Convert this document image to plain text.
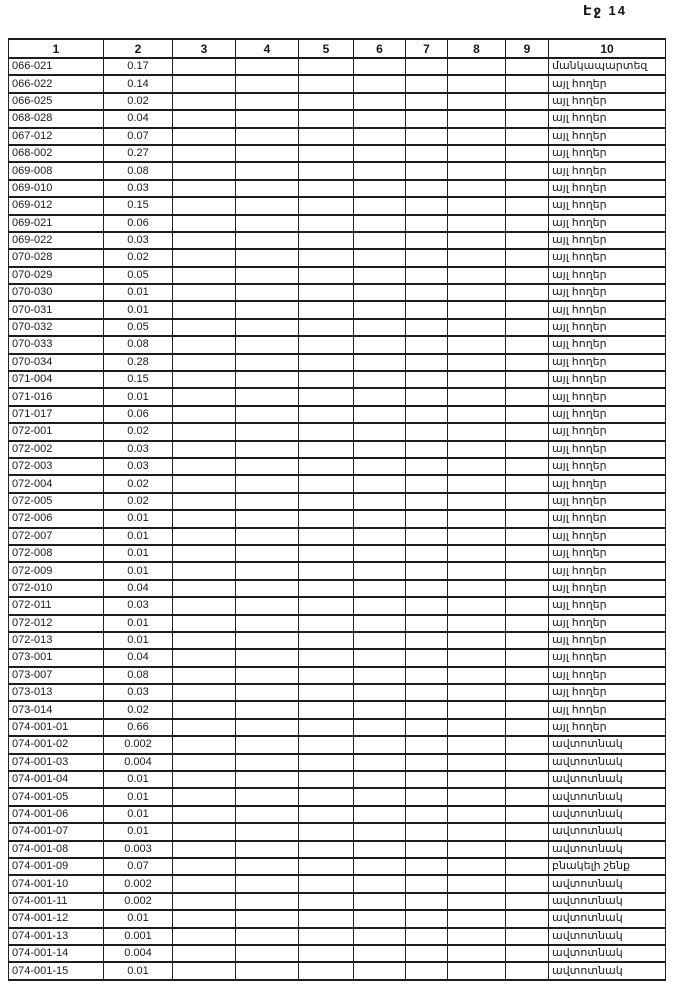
Էջ 14
1	2	3	4	5	6	7	8	9	10
066-021	0.17								մանկապարտեզ
066-022	0.14								այլ հողեր
066-025	0.02								այլ հողեր
068-028	0.04								այլ հողեր
067-012	0.07								այլ հողեր
068-002	0.27								այլ հողեր
069-008	0.08								այլ հողեր
069-010	0.03								այլ հողեր
069-012	0.15								այլ հողեր
069-021	0.06								այլ հողեր
069-022	0.03								այլ հողեր
070-028	0.02								այլ հողեր
070-029	0.05								այլ հողեր
070-030	0.01								այլ հողեր
070-031	0.01								այլ հողեր
070-032	0.05								այլ հողեր
070-033	0.08								այլ հողեր
070-034	0.28								այլ հողեր
071-004	0.15								այլ հողեր
071-016	0.01								այլ հողեր
071-017	0.06								այլ հողեր
072-001	0.02								այլ հողեր
072-002	0.03								այլ հողեր
072-003	0.03								այլ հողեր
072-004	0.02								այլ հողեր
072-005	0.02								այլ հողեր
072-006	0.01								այլ հողեր
072-007	0.01								այլ հողեր
072-008	0.01								այլ հողեր
072-009	0.01								այլ հողեր
072-010	0.04								այլ հողեր
072-011	0.03								այլ հողեր
072-012	0.01								այլ հողեր
072-013	0.01								այլ հողեր
073-001	0.04								այլ հողեր
073-007	0.08								այլ հողեր
073-013	0.03								այլ հողեր
073-014	0.02								այլ հողեր
074-001-01	0.66								այլ հողեր
074-001-02	0.002								ավտոտնակ
074-001-03	0.004								ավտոտնակ
074-001-04	0.01								ավտոտնակ
074-001-05	0.01								ավտոտնակ
074-001-06	0.01								ավտոտնակ
074-001-07	0.01								ավտոտնակ
074-001-08	0.003								ավտոտնակ
074-001-09	0.07								բնակելի շենք
074-001-10	0.002								ավտոտնակ
074-001-11	0.002								ավտոտնակ
074-001-12	0.01								ավտոտնակ
074-001-13	0.001								ավտոտնակ
074-001-14	0.004								ավտոտնակ
074-001-15	0.01								ավտոտնակ
